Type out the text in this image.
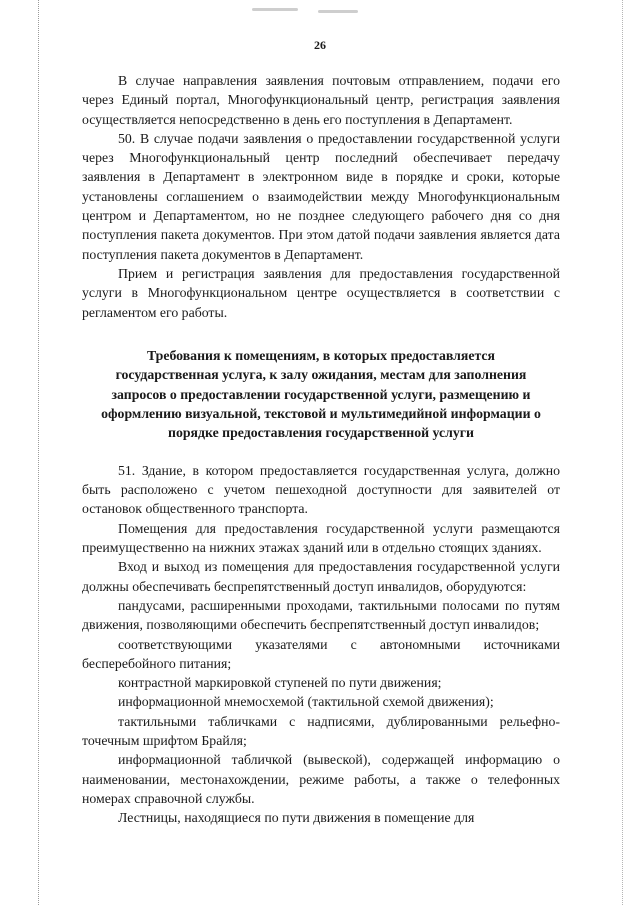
26

В случае направления заявления почтовым отправлением, подачи его через Единый портал, Многофункциональный центр, регистрация заявления осуществляется непосредственно в день его поступления в Департамент.

50. В случае подачи заявления о предоставлении государственной услуги через Многофункциональный центр последний обеспечивает передачу заявления в Департамент в электронном виде в порядке и сроки, которые установлены соглашением о взаимодействии между Многофункциональным центром и Департаментом, но не позднее следующего рабочего дня со дня поступления пакета документов. При этом датой подачи заявления является дата поступления пакета документов в Департамент.

Прием и регистрация заявления для предоставления государственной услуги в Многофункциональном центре осуществляется в соответствии с регламентом его работы.

Требования к помещениям, в которых предоставляется
государственная услуга, к залу ожидания, местам для заполнения
запросов о предоставлении государственной услуги, размещению и
оформлению визуальной, текстовой и мультимедийной информации о
порядке предоставления государственной услуги

51. Здание, в котором предоставляется государственная услуга, должно быть расположено с учетом пешеходной доступности для заявителей от остановок общественного транспорта.

Помещения для предоставления государственной услуги размещаются преимущественно на нижних этажах зданий или в отдельно стоящих зданиях.

Вход и выход из помещения для предоставления государственной услуги должны обеспечивать беспрепятственный доступ инвалидов, оборудуются:

пандусами, расширенными проходами, тактильными полосами по путям движения, позволяющими обеспечить беспрепятственный доступ инвалидов;

соответствующими указателями с автономными источниками бесперебойного питания;

контрастной маркировкой ступеней по пути движения;

информационной мнемосхемой (тактильной схемой движения);

тактильными табличками с надписями, дублированными рельефно-точечным шрифтом Брайля;

информационной табличкой (вывеской), содержащей информацию о наименовании, местонахождении, режиме работы, а также о телефонных номерах справочной службы.

Лестницы, находящиеся по пути движения в помещение для
